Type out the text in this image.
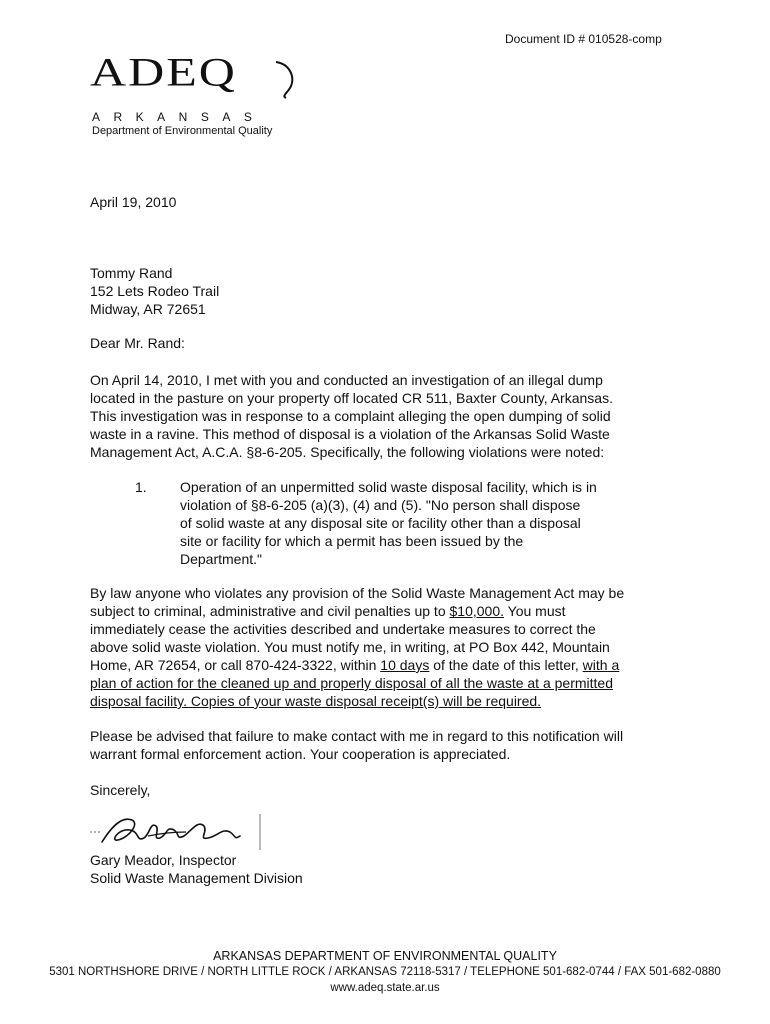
Document ID # 010528-comp
ADEQ
ARKANSAS
Department of Environmental Quality
April 19, 2010
Tommy Rand
152 Lets Rodeo Trail
Midway, AR 72651
Dear Mr. Rand:
On April 14, 2010, I met with you and conducted an investigation of an illegal dump
located in the pasture on your property off located CR 511, Baxter County, Arkansas.
This investigation was in response to a complaint alleging the open dumping of solid
waste in a ravine. This method of disposal is a violation of the Arkansas Solid Waste
Management Act, A.C.A. §8-6-205. Specifically, the following violations were noted:
1. Operation of an unpermitted solid waste disposal facility, which is in
violation of §8-6-205 (a)(3), (4) and (5). "No person shall dispose
of solid waste at any disposal site or facility other than a disposal
site or facility for which a permit has been issued by the
Department."
By law anyone who violates any provision of the Solid Waste Management Act may be
subject to criminal, administrative and civil penalties up to $10,000. You must
immediately cease the activities described and undertake measures to correct the
above solid waste violation. You must notify me, in writing, at PO Box 442, Mountain
Home, AR 72654, or call 870-424-3322, within 10 days of the date of this letter, with a
plan of action for the cleaned up and properly disposal of all the waste at a permitted
disposal facility. Copies of your waste disposal receipt(s) will be required.
Please be advised that failure to make contact with me in regard to this notification will
warrant formal enforcement action. Your cooperation is appreciated.
Sincerely,
Gary Meador, Inspector
Solid Waste Management Division
ARKANSAS DEPARTMENT OF ENVIRONMENTAL QUALITY
5301 NORTHSHORE DRIVE / NORTH LITTLE ROCK / ARKANSAS 72118-5317 / TELEPHONE 501-682-0744 / FAX 501-682-0880
www.adeq.state.ar.us
